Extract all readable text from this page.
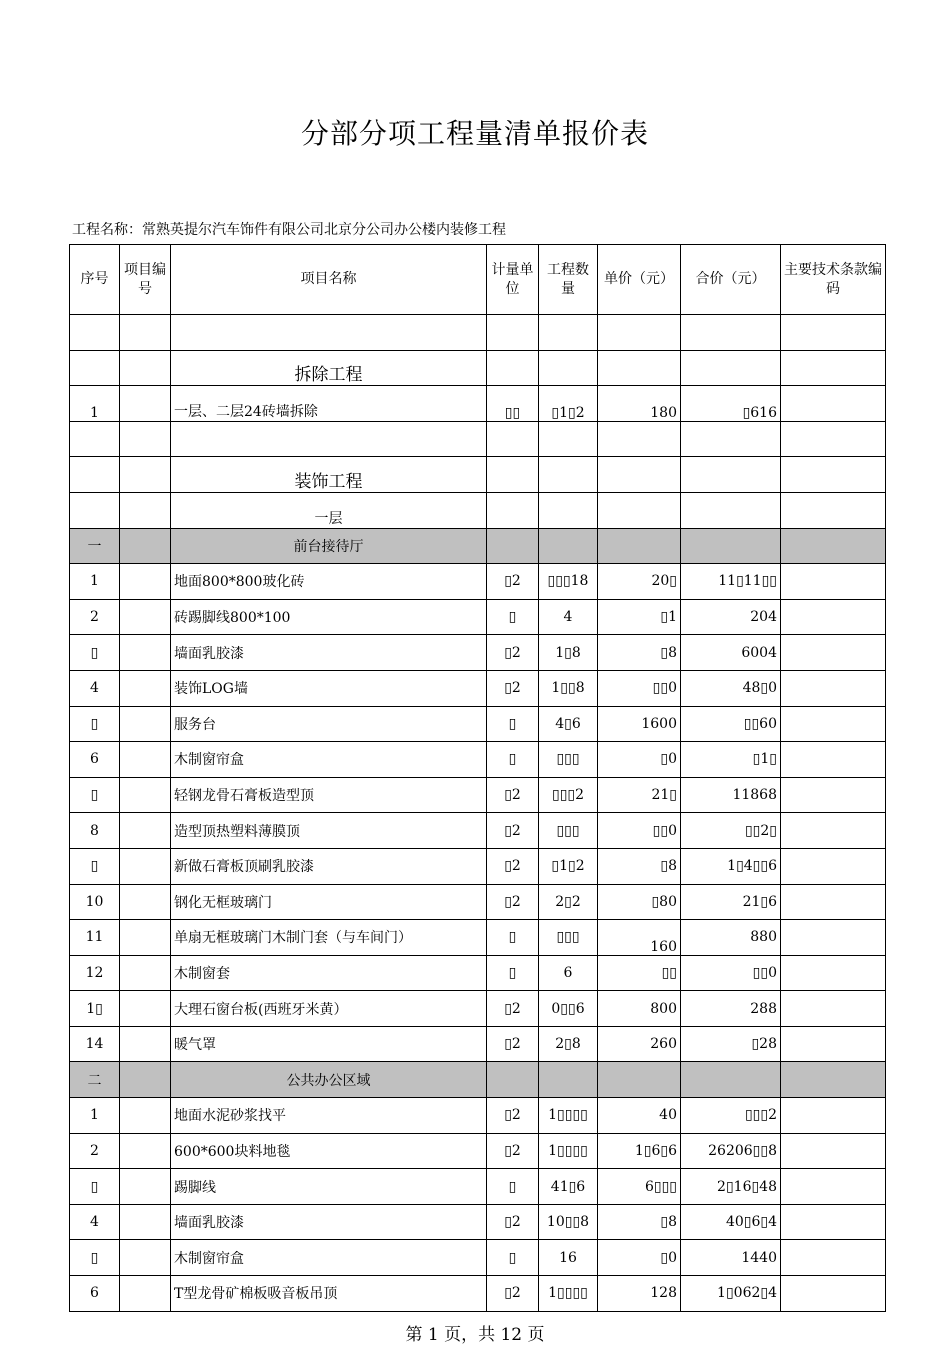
分部分项工程量清单报价表
工程名称：常熟英提尔汽车饰件有限公司北京分公司办公楼内装修工程
序号	项目编号	项目名称	计量单位	工程数量	单价（元）	合价（元）	主要技术条款编码

		拆除工程					
1		一层、二层24砖墙拆除	▯▯	▯1▯2	180	▯616	

		装饰工程					
		一层					
一		前台接待厅					
1		地面800*800玻化砖	▯2	▯▯▯18	20▯	11▯11▯▯	
2		砖踢脚线800*100	▯	4	▯1	204	
▯		墙面乳胶漆	▯2	1▯8	▯8	6004	
4		装饰LOG墙	▯2	1▯▯8	▯▯0	48▯0	
▯		服务台	▯	4▯6	1600	▯▯60	
6		木制窗帘盒	▯	▯▯▯	▯0	▯1▯	
▯		轻钢龙骨石膏板造型顶	▯2	▯▯▯2	21▯	11868	
8		造型顶热塑料薄膜顶	▯2	▯▯▯	▯▯0	▯▯2▯	
▯		新做石膏板顶刷乳胶漆	▯2	▯1▯2	▯8	1▯4▯▯6	
10		钢化无框玻璃门	▯2	2▯2	▯80	21▯6	
11		单扇无框玻璃门木制门套（与车间门）	▯	▯▯▯	160	880	
12		木制窗套	▯	6	▯▯	▯▯0	
1▯		大理石窗台板(西班牙米黄）	▯2	0▯▯6	800	288	
14		暖气罩	▯2	2▯8	260	▯28	
二		公共办公区域					
1		地面水泥砂浆找平	▯2	1▯▯▯▯	40	▯▯▯2	
2		600*600块料地毯	▯2	1▯▯▯▯	1▯6▯6	26206▯▯8	
▯		踢脚线	▯	41▯6	6▯▯▯	2▯16▯48	
4		墙面乳胶漆	▯2	10▯▯8	▯8	40▯6▯4	
▯		木制窗帘盒	▯	16	▯0	1440	
6		T型龙骨矿棉板吸音板吊顶	▯2	1▯▯▯▯	128	1▯062▯4	
第 1 页，共 12 页
